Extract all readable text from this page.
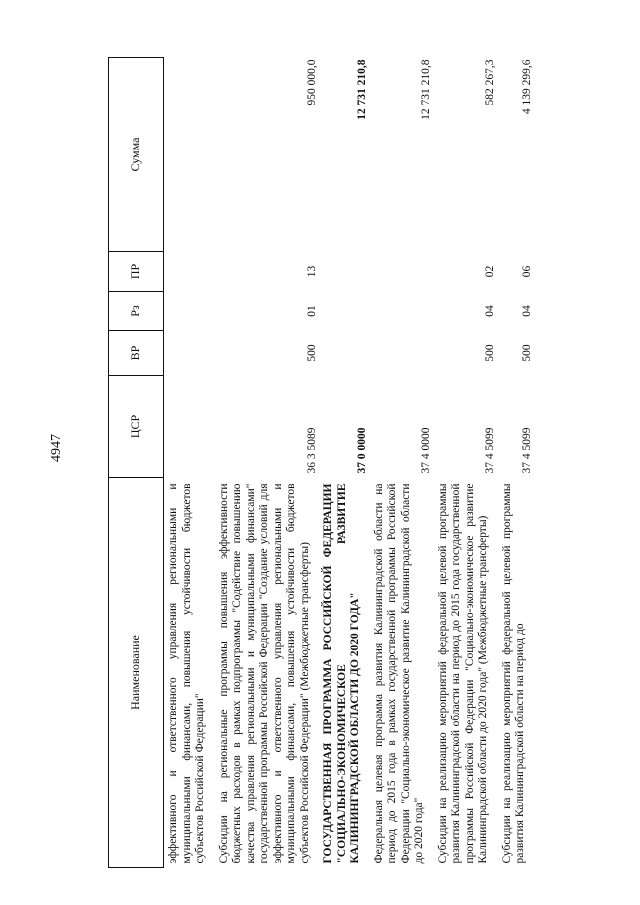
4947
Наименование	ЦСР	ВР	Рз	ПР	Сумма
эффективного и ответственного управления региональными и муниципальными финансами, повышения устойчивости бюджетов субъектов Российской Федерации"					
Субсидии на региональные программы повышения эффективности бюджетных расходов в рамках подпрограммы "Содействие повышению качества управления региональными и муниципальными финансами" государственной программы Российской Федерации "Создание условий для эффективного и ответственного управления региональными и муниципальными финансами, повышения устойчивости бюджетов субъектов Российской Федерации" (Межбюджетные трансферты)	36 3 5089	500	01	13	950 000,0
ГОСУДАРСТВЕННАЯ ПРОГРАММА РОССИЙСКОЙ ФЕДЕРАЦИИ "СОЦИАЛЬНО-ЭКОНОМИЧЕСКОЕ РАЗВИТИЕ КАЛИНИНГРАДСКОЙ ОБЛАСТИ ДО 2020 ГОДА"	37 0 0000				12 731 210,8
Федеральная целевая программа развития Калининградской области на период до 2015 года в рамках государственной программы Российской Федерации "Социально-экономическое развитие Калининградской области до 2020 года"	37 4 0000				12 731 210,8
Субсидии на реализацию мероприятий федеральной целевой программы развития Калининградской области на период до 2015 года государственной программы Российской Федерации "Социально-экономическое развитие Калининградской области до 2020 года" (Межбюджетные трансферты)	37 4 5099	500	04	02	582 267,3
Субсидии на реализацию мероприятий федеральной целевой программы развития Калининградской области на период до	37 4 5099	500	04	06	4 139 299,6
